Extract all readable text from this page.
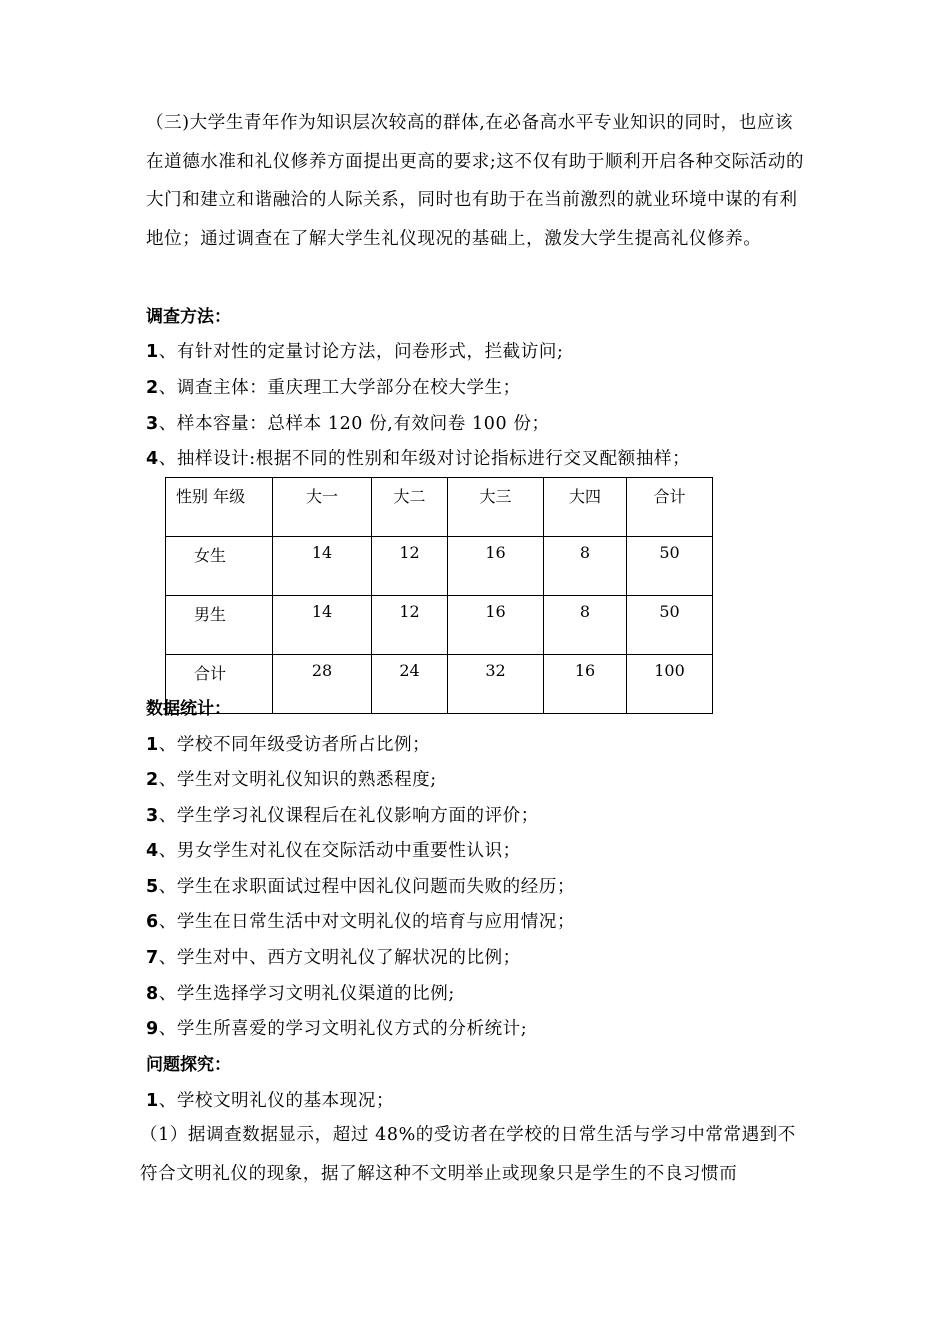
（三)大学生青年作为知识层次较高的群体,在必备高水平专业知识的同时，也应该在道德水准和礼仪修养方面提出更高的要求;这不仅有助于顺利开启各种交际活动的大门和建立和谐融洽的人际关系，同时也有助于在当前激烈的就业环境中谋的有利地位；通过调查在了解大学生礼仪现况的基础上，激发大学生提高礼仪修养。
调查方法：
1、有针对性的定量讨论方法，问卷形式，拦截访问;
2、调查主体：重庆理工大学部分在校大学生；
3、样本容量：总样本 120 份,有效问卷 100 份；
4、抽样设计:根据不同的性别和年级对讨论指标进行交叉配额抽样；
性别 年级	大一	大二	大三	大四	合计
女生	14	12	16	8	50
男生	14	12	16	8	50
合计	28	24	32	16	100
数据统计：
1、学校不同年级受访者所占比例；
2、学生对文明礼仪知识的熟悉程度;
3、学生学习礼仪课程后在礼仪影响方面的评价；
4、男女学生对礼仪在交际活动中重要性认识；
5、学生在求职面试过程中因礼仪问题而失败的经历；
6、学生在日常生活中对文明礼仪的培育与应用情况；
7、学生对中、西方文明礼仪了解状况的比例；
8、学生选择学习文明礼仪渠道的比例;
9、学生所喜爱的学习文明礼仪方式的分析统计;
问题探究：
1、学校文明礼仪的基本现况；
（1）据调查数据显示，超过 48%的受访者在学校的日常生活与学习中常常遇到不符合文明礼仪的现象，据了解这种不文明举止或现象只是学生的不良习惯而
